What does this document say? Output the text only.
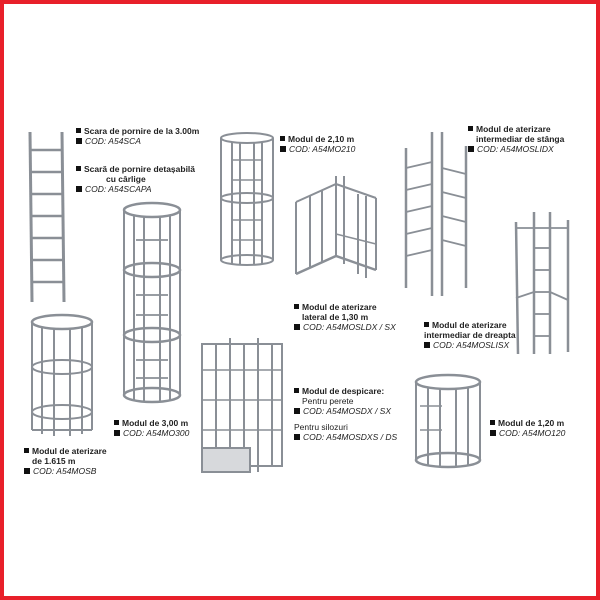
Scara de pornire de la 3.00m
COD: A54SCA
Scară de pornire detașabilă
cu cârlige
COD: A54SCAPA
Modul de 2,10 m
COD: A54MO210
Modul de aterizare
intermediar de stânga
COD: A54MOSLIDX
Modul de aterizare
lateral de 1,30 m
COD: A54MOSLDX / SX	Modul de aterizare
intermediar de dreapta
COD: A54MOSLISX
Modul de despicare:
Pentru perete
COD: A54MOSDX / SX
Pentru silozuri
COD: A54MOSDXS / DS
Modul de 3,00 m
COD: A54MO300
Modul de aterizare
de 1.615 m
COD: A54MOSB
Modul de 1,20 m
COD: A54MO120
